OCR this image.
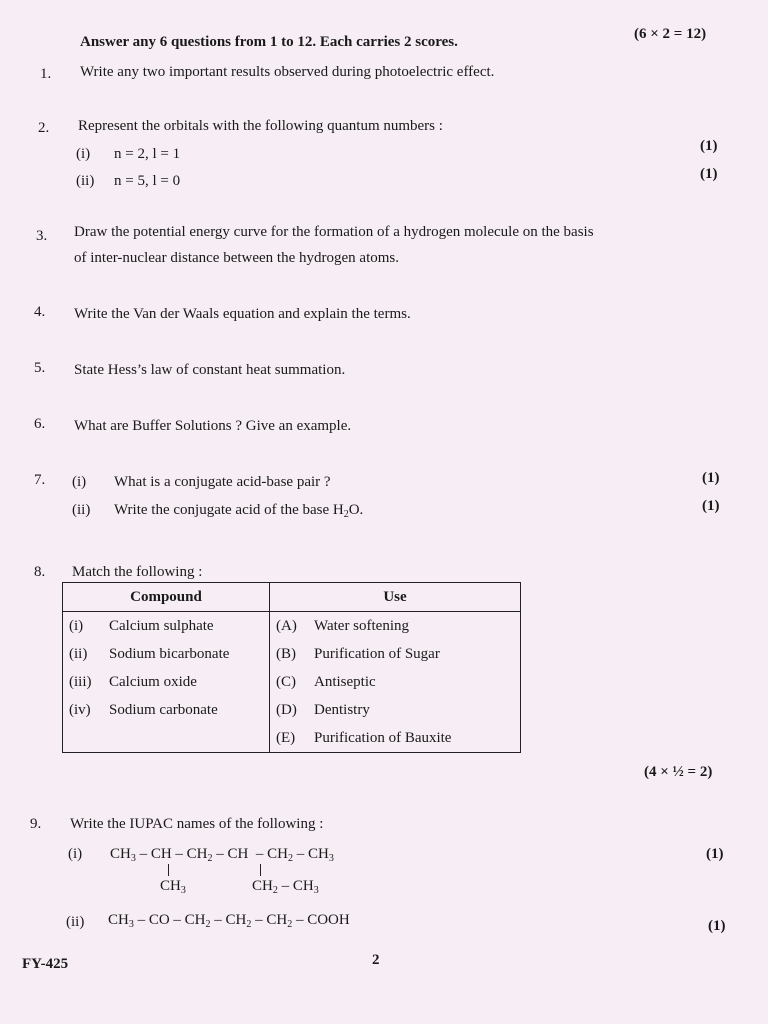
Answer any 6 questions from 1 to 12. Each carries 2 scores.	(6 × 2 = 12)
1. Write any two important results observed during photoelectric effect.
2. Represent the orbitals with the following quantum numbers :
(i) n = 2, l = 1	(1)
(ii) n = 5, l = 0	(1)
3. Draw the potential energy curve for the formation of a hydrogen molecule on the basis
of inter-nuclear distance between the hydrogen atoms.
4. Write the Van der Waals equation and explain the terms.
5. State Hess’s law of constant heat summation.
6. What are Buffer Solutions ? Give an example.
7. (i) What is a conjugate acid-base pair ?	(1)
(ii) Write the conjugate acid of the base $H_2O$.	(1)
8. Match the following :
Compound	Use
(i) Calcium sulphate	(A) Water softening
(ii) Sodium bicarbonate	(B) Purification of Sugar
(iii) Calcium oxide	(C) Antiseptic
(iv) Sodium carbonate	(D) Dentistry
	(E) Purification of Bauxite
(4 × ½ = 2)
9. Write the IUPAC names of the following :
(i) $CH_3$ – CH – $CH_2$ – CH  – $CH_2 - CH_3$
$CH_3$	$CH_2 - CH_3$
(1)
(ii) $CH_3$ – CO – $CH_2 - CH_2 - CH_2$ – COOH	(1)
FY-425	2
